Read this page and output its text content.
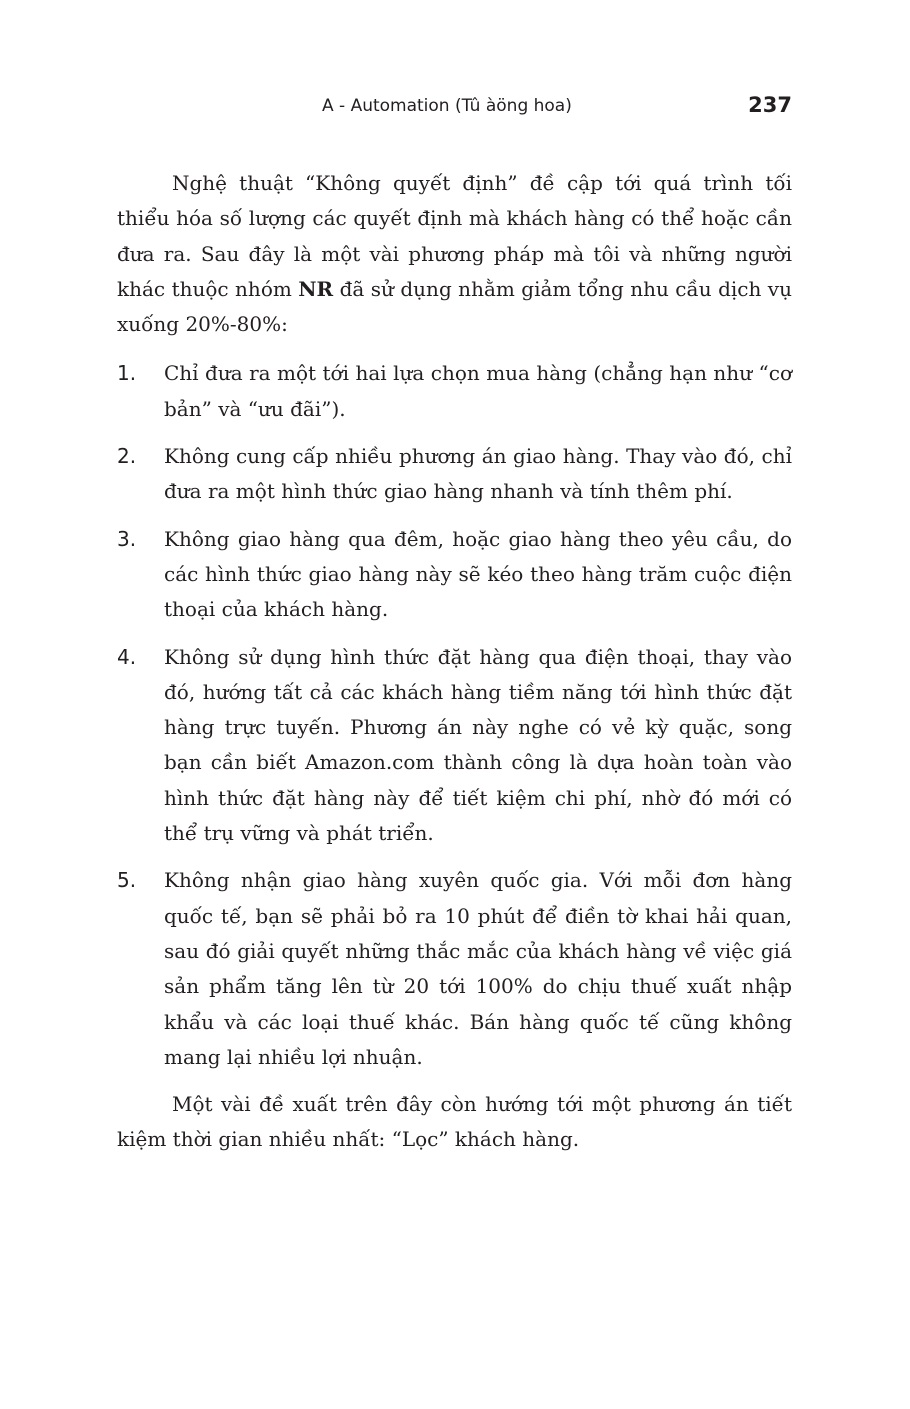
A - Automation (Tû àöng hoa)	237

Nghệ thuật “Không quyết định” đề cập tới quá trình tối thiểu hóa số lượng các quyết định mà khách hàng có thể hoặc cần đưa ra. Sau đây là một vài phương pháp mà tôi và những người khác thuộc nhóm NR đã sử dụng nhằm giảm tổng nhu cầu dịch vụ xuống 20%-80%:

1. Chỉ đưa ra một tới hai lựa chọn mua hàng (chẳng hạn như “cơ bản” và “ưu đãi”).
2. Không cung cấp nhiều phương án giao hàng. Thay vào đó, chỉ đưa ra một hình thức giao hàng nhanh và tính thêm phí.
3. Không giao hàng qua đêm, hoặc giao hàng theo yêu cầu, do các hình thức giao hàng này sẽ kéo theo hàng trăm cuộc điện thoại của khách hàng.
4. Không sử dụng hình thức đặt hàng qua điện thoại, thay vào đó, hướng tất cả các khách hàng tiềm năng tới hình thức đặt hàng trực tuyến. Phương án này nghe có vẻ kỳ quặc, song bạn cần biết Amazon.com thành công là dựa hoàn toàn vào hình thức đặt hàng này để tiết kiệm chi phí, nhờ đó mới có thể trụ vững và phát triển.
5. Không nhận giao hàng xuyên quốc gia. Với mỗi đơn hàng quốc tế, bạn sẽ phải bỏ ra 10 phút để điền tờ khai hải quan, sau đó giải quyết những thắc mắc của khách hàng về việc giá sản phẩm tăng lên từ 20 tới 100% do chịu thuế xuất nhập khẩu và các loại thuế khác. Bán hàng quốc tế cũng không mang lại nhiều lợi nhuận.

Một vài đề xuất trên đây còn hướng tới một phương án tiết kiệm thời gian nhiều nhất: “Lọc” khách hàng.
